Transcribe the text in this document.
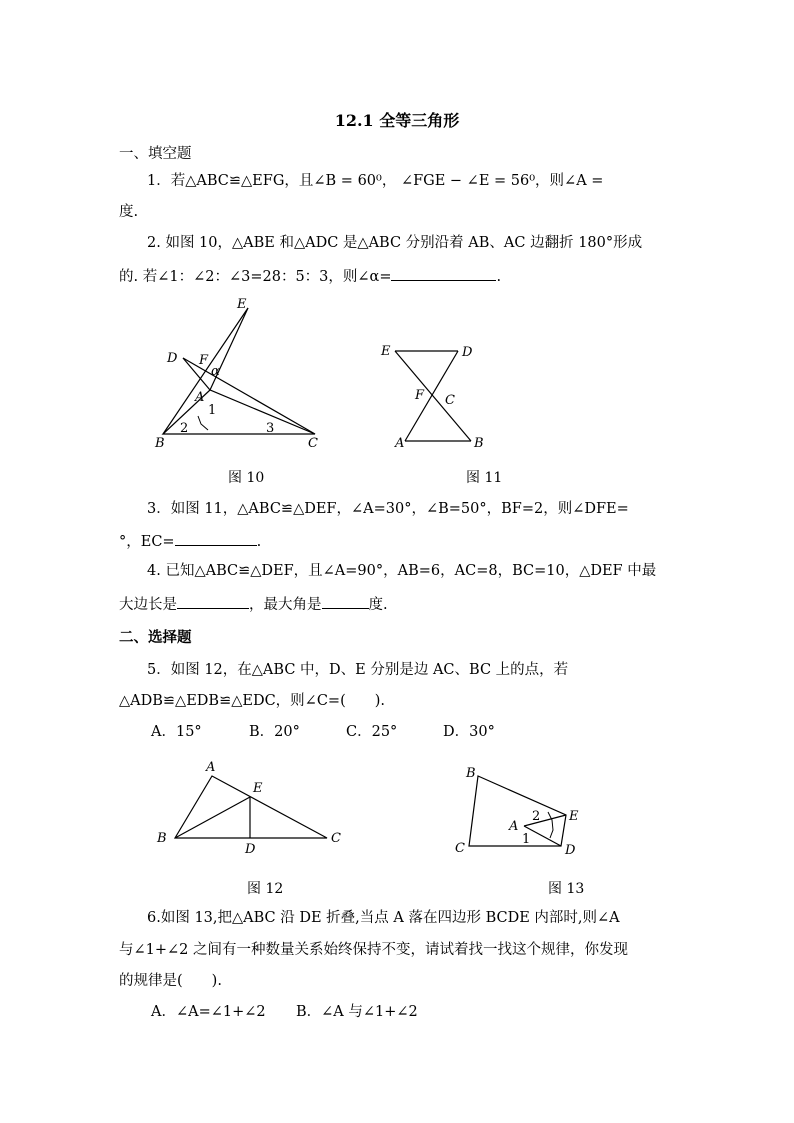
12.1 全等三角形
一、填空题
1．若△ABC≌△EFG，且∠B = 60⁰， ∠FGE − ∠E = 56⁰，则∠A =
度.
2. 如图 10，△ABE 和△ADC 是△ABC 分别沿着 AB、AC 边翻折 180°形成
的. 若∠1：∠2：∠3=28：5：3，则∠α=	.
E
D F
α
A
1
2	3
B	C
E	D
F C
A	B
A
E
B
D
C
B
2 E
A
1
C	D
图 10	图 11
3．如图 11，△ABC≌△DEF，∠A=30°，∠B=50°，BF=2，则∠DFE=
°，EC=	.
4. 已知△ABC≌△DEF，且∠A=90°，AB=6，AC=8，BC=10，△DEF 中最
大边长是	，最大角是	度.
二、选择题
5．如图 12，在△ABC 中，D、E 分别是边 AC、BC 上的点，若
△ADB≌△EDB≌△EDC，则∠C=(　　).
A．15°	B．20°	C．25°	D．30°
图 12	图 13
6.如图 13,把△ABC 沿 DE 折叠,当点 A 落在四边形 BCDE 内部时,则∠A
与∠1+∠2 之间有一种数量关系始终保持不变，请试着找一找这个规律，你发现
的规律是(　　).
A．∠A=∠1+∠2 B．∠A 与∠1+∠2
